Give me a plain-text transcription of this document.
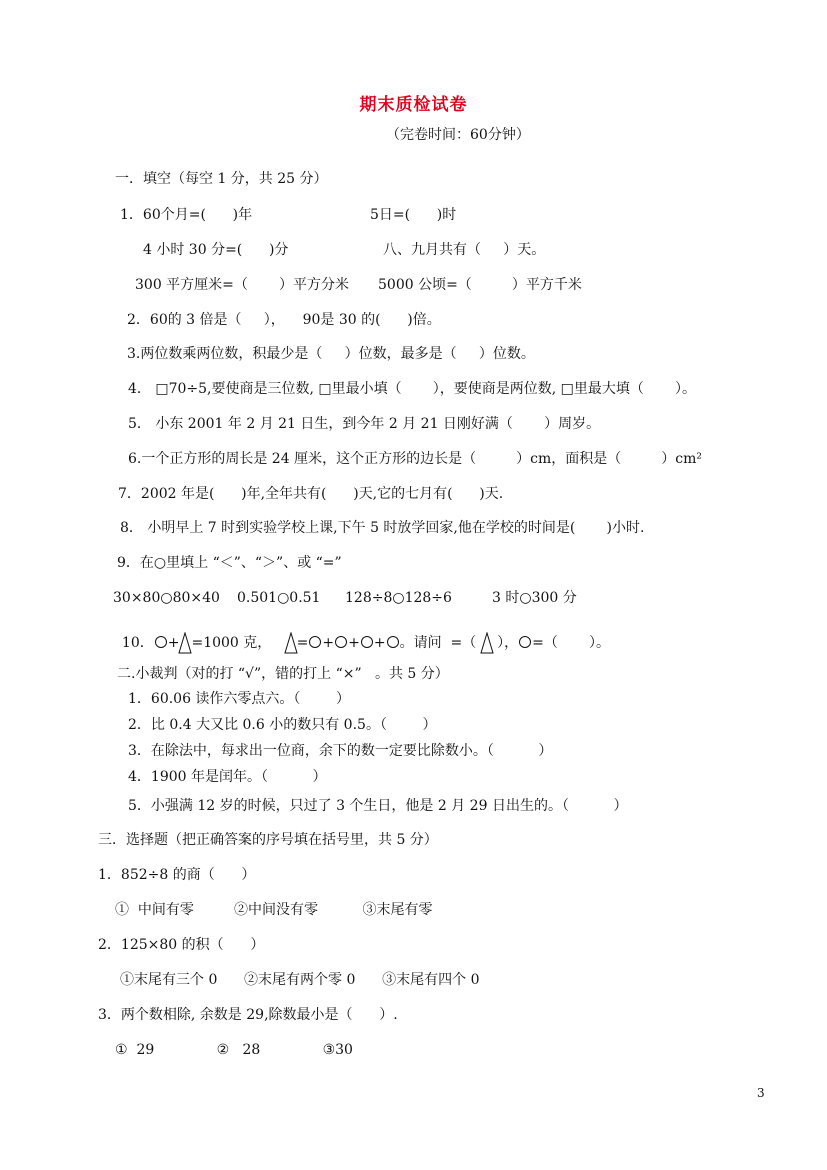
期末质检试卷
（完卷时间：60分钟）
一．填空（每空 1 分，共 25 分）
1．60个月=(      )年	5日=(      )时
4 小时 30 分=(      )分	八、九月共有（     ）天。
300 平方厘米=（       ）平方分米 5000 公顷=（         ）平方千米
2．60的 3 倍是（     ），    90是 30 的(      )倍。
3.两位数乘两位数，积最少是（     ）位数，最多是（     ）位数。
4． □70÷5,要使商是三位数, □里最小填（       ），要使商是两位数, □里最大填（       ）。
5． 小东 2001 年 2 月 21 日生，到今年 2 月 21 日刚好满（       ）周岁。
6.一个正方形的周长是 24 厘米，这个正方形的边长是（         ）cm，面积是（         ）cm²
7．2002 年是(      )年,全年共有(      )天,它的七月有(      )天.
8． 小明早上 7 时到实验学校上课,下午 5 时放学回家,他在学校的时间是(       )小时.
9．在○里填上 “＜”、“＞”、或 “=”
30×80○80×40 0.501○0.51 128÷8○128÷6	3 时○300 分

10． + =1000 克， = + + + 。请问  =（ ）， =（       ）。

二.小裁判（对的打 “√”，错的打上 “×”   。共 5 分）
1．60.06 读作六零点六。（        ）
2．比 0.4 大又比 0.6 小的数只有 0.5。（        ）
3．在除法中，每求出一位商，余下的数一定要比除数小。（          ）
4．1900 年是闰年。（          ）
5．小强满 12 岁的时候，只过了 3 个生日，他是 2 月 29 日出生的。（          ）
三．选择题（把正确答案的序号填在括号里，共 5 分）
1．852÷8 的商（      ）
①  中间有零         ②中间没有零          ③末尾有零
2．125×80 的积（      ）
①末尾有三个 0      ②末尾有两个零 0      ③末尾有四个 0
3．两个数相除, 余数是 29,除数最小是（      ）.
①  29              ②   28              ③30
3
